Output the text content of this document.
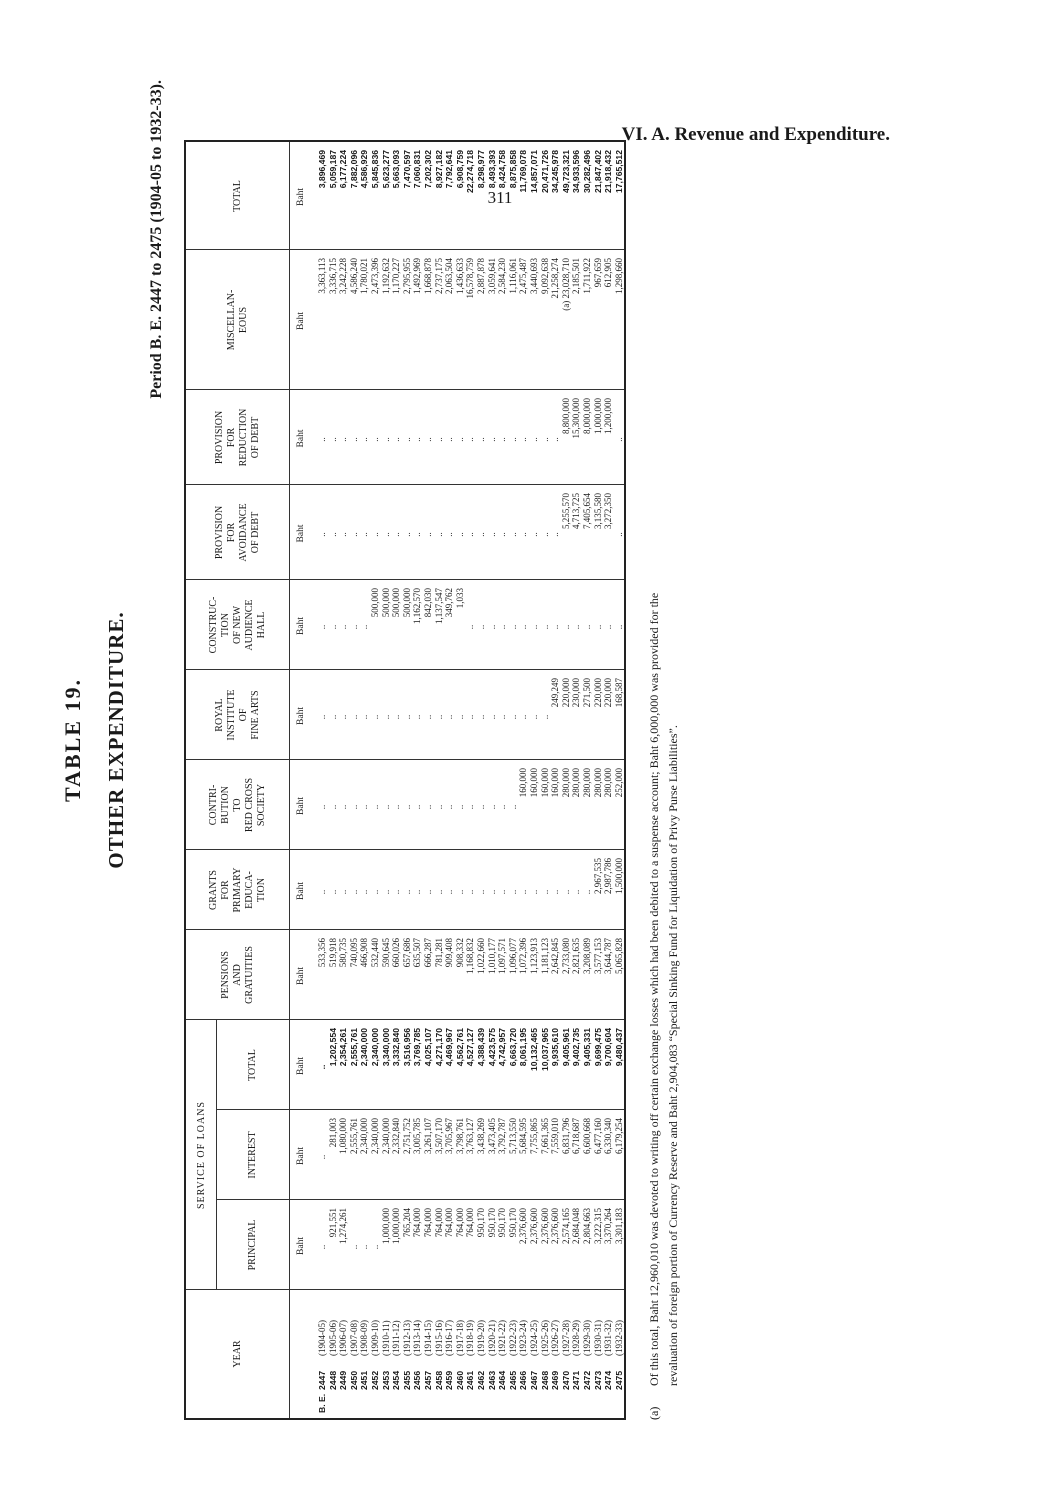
VI. A. Revenue and Expenditure.
311
TABLE 19. OTHER EXPENDITURE.
Period B. E. 2447 to 2475 (1904-05 to 1932-33).
YEAR
SERVICE OF LOANS
PRINCIPAL
INTEREST
TOTAL
PENSIONS
AND
GRATUITIES
GRANTS
FOR
PRIMARY
EDUCA-
TION
CONTRI-
BUTION
TO
RED CROSS
SOCIETY
ROYAL
INSTITUTE
OF
FINE ARTS
CONSTRUC-
TION
OF NEW
AUDIENCE
HALL
PROVISION
FOR
AVOIDANCE
OF DEBT
PROVISION
FOR
REDUCTION
OF DEBT
MISCELLAN-
EOUS
TOTAL
Baht
Baht
Baht
Baht
Baht
Baht
Baht
Baht
Baht
Baht
Baht
Baht
B. E.
2447
(1904-05)
..
..
..
533,356
..
..
..
..
..
..
3,363,113
3,896,469
2448
(1905-06)
921,551
281,003
1,202,554
519,918
..
..
..
..
..
..
3,336,715
5,059,187
2449
(1906-07)
1,274,261
1,080,000
2,354,261
580,735
..
..
..
..
..
..
3,242,228
6,177,224
2450
(1907-08)
..
2,555,761
2,555,761
740,095
..
..
..
..
..
..
4,586,240
7,882,096
2451
(1908-09)
..
2,340,000
2,340,000
466,908
..
..
..
..
..
..
1,780,021
4,586,929
2452
(1909-10)
..
2,340,000
2,340,000
532,440
..
..
..
500,000
..
..
2,473,396
5,845,836
2453
(1910-11)
1,000,000
2,340,000
3,340,000
590,645
..
..
..
500,000
..
..
1,192,632
5,623,277
2454
(1911-12)
1,000,000
2,332,840
3,332,840
660,026
..
..
..
500,000
..
..
1,170,227
5,663,093
2455
(1912-13)
765,204
2,751,752
3,516,956
657,686
..
..
..
500,000
..
..
2,795,955
7,470,597
2456
(1913-14)
764,000
3,005,785
3,769,785
635,507
..
..
..
1,162,570
..
..
1,492,969
7,060,831
2457
(1914-15)
764,000
3,261,107
4,025,107
666,287
..
..
..
842,030
..
..
1,668,878
7,202,302
2458
(1915-16)
764,000
3,507,170
4,271,170
781,281
..
..
..
1,137,547
..
..
2,737,175
8,927,182
2459
(1916-17)
764,000
3,705,967
4,469,967
909,408
..
..
..
349,762
..
..
2,063,504
7,792,641
2460
(1917-18)
764,000
3,798,761
4,562,761
908,332
..
..
..
1,033
..
..
1,436,633
6,908,759
2461
(1918-19)
764,000
3,763,127
4,527,127
1,168,832
..
..
..
..
..
..
16,578,759
22,274,718
2462
(1919-20)
950,170
3,438,269
4,388,439
1,022,660
..
..
..
..
..
..
2,887,878
8,298,977
2463
(1920-21)
950,170
3,473,405
4,423,575
1,010,177
..
..
..
..
..
..
3,059,641
8,493,393
2464
(1921-22)
950,170
3,792,787
4,742,957
1,097,571
..
..
..
..
..
..
2,584,230
8,424,758
2465
(1922-23)
950,170
5,713,550
6,663,720
1,096,077
..
..
..
..
..
..
1,116,061
8,875,858
2466
(1923-24)
2,376,600
5,684,595
8,061,195
1,072,396
..
160,000
..
..
..
..
2,475,487
11,769,078
2467
(1924-25)
2,376,600
7,755,865
10,132,465
1,123,913
..
160,000
..
..
..
..
3,440,693
14,857,071
2468
(1925-26)
2,376,600
7,661,365
10,037,965
1,181,123
..
160,000
..
..
..
..
9,092,638
20,471,726
2469
(1926-27)
2,376,600
7,559,010
9,935,610
2,642,845
..
160,000
249,249
..
..
..
21,258,274
34,245,978
2470
(1927-28)
2,574,165
6,831,796
9,405,961
2,733,080
..
280,000
220,000
..
5,255,570
8,800,000
(a) 23,028,710
49,723,321
2471
(1928-29)
2,684,048
6,718,687
9,402,735
2,821,635
..
280,000
230,000
..
4,713,725
15,300,000
2,185,501
34,933,596
2472
(1929-30)
2,804,663
6,600,668
9,405,331
3,208,089
..
280,000
271,500
..
7,405,654
8,000,000
1,711,922
30,282,496
2473
(1930-31)
3,222,315
6,477,160
9,699,475
3,577,153
2,967,535
280,000
220,000
..
3,135,580
1,000,000
967,659
21,847,402
2474
(1931-32)
3,370,264
6,330,340
9,700,604
3,644,787
2,987,786
280,000
220,000
..
3,272,350
1,200,000
612,905
21,918,432
2475
(1932-33)
3,301,183
6,179,254
9,480,437
5,065,828
1,500,000
252,000
168,587
..
..
..
1,298,660
17,765,512
(a)Of this total, Baht 12,960,010 was devoted to writing off certain exchange losses which had been debited to a suspense account; Baht 6,000,000 was provided for the revaluation of foreign portion of Currency Reserve and Baht 2,904,083 “Special Sinking Fund for Liquidation of Privy Purse Liabilities”.
